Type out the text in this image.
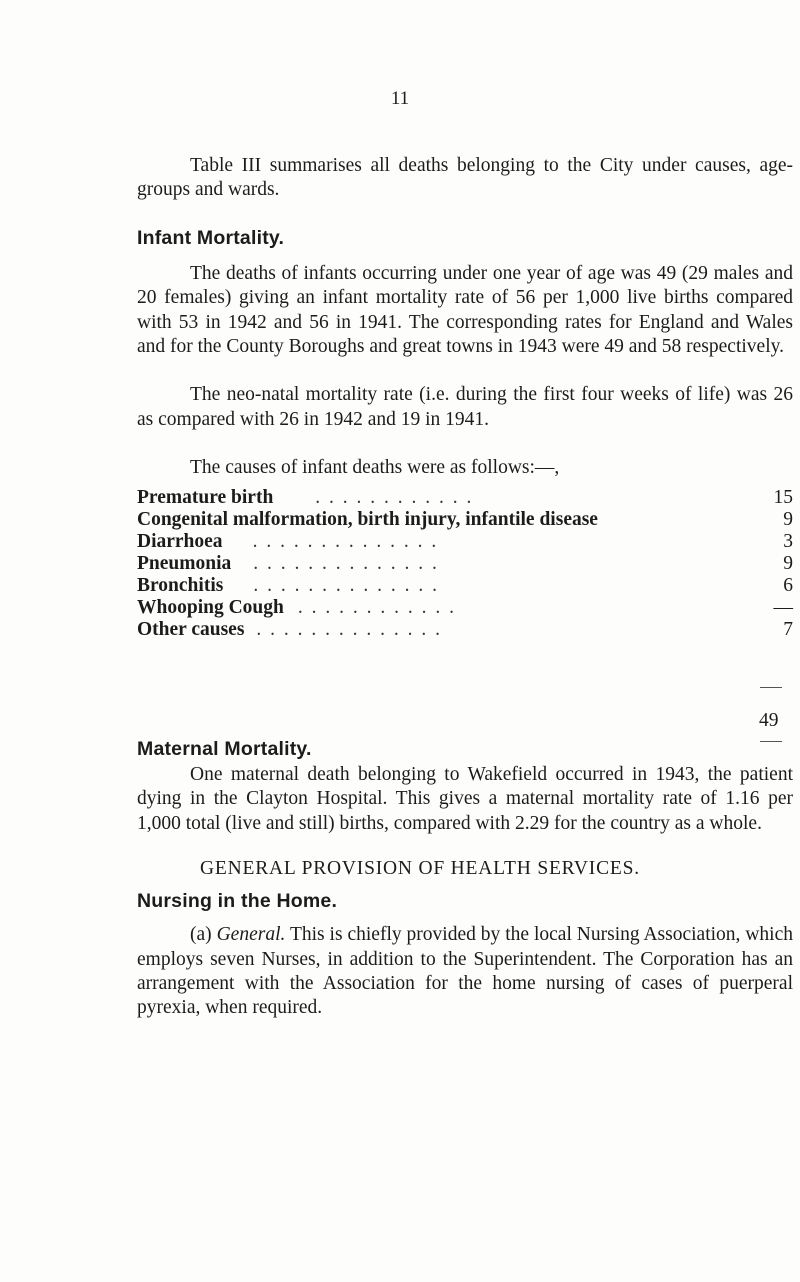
11

Table III summarises all deaths belonging to the City under causes, age-groups and wards.

Infant Mortality.

The deaths of infants occurring under one year of age was 49 (29 males and 20 females) giving an infant mortality rate of 56 per 1,000 live births compared with 53 in 1942 and 56 in 1941. The corresponding rates for England and Wales and for the County Boroughs and great towns in 1943 were 49 and 58 respectively.

The neo-natal mortality rate (i.e. during the first four weeks of life) was 26 as compared with 26 in 1942 and 19 in 1941.

The causes of infant deaths were as follows:—,

Premature birth . . . . . . . . . . . .	15
Congenital malformation, birth injury, infantile disease	9
Diarrhoea . . . . . . . . . . . . . .	3
Pneumonia . . . . . . . . . . . . . .	9
Bronchitis . . . . . . . . . . . . . .	6
Whooping Cough . . . . . . . . . . . .	—
Other causes . . . . . . . . . . . . . .	7
49

Maternal Mortality.

One maternal death belonging to Wakefield occurred in 1943, the patient dying in the Clayton Hospital. This gives a maternal mortality rate of 1.16 per 1,000 total (live and still) births, compared with 2.29 for the country as a whole.

GENERAL PROVISION OF HEALTH SERVICES.

Nursing in the Home.

(a) General. This is chiefly provided by the local Nursing Association, which employs seven Nurses, in addition to the Superintendent. The Corporation has an arrangement with the Association for the home nursing of cases of puerperal pyrexia, when required.
